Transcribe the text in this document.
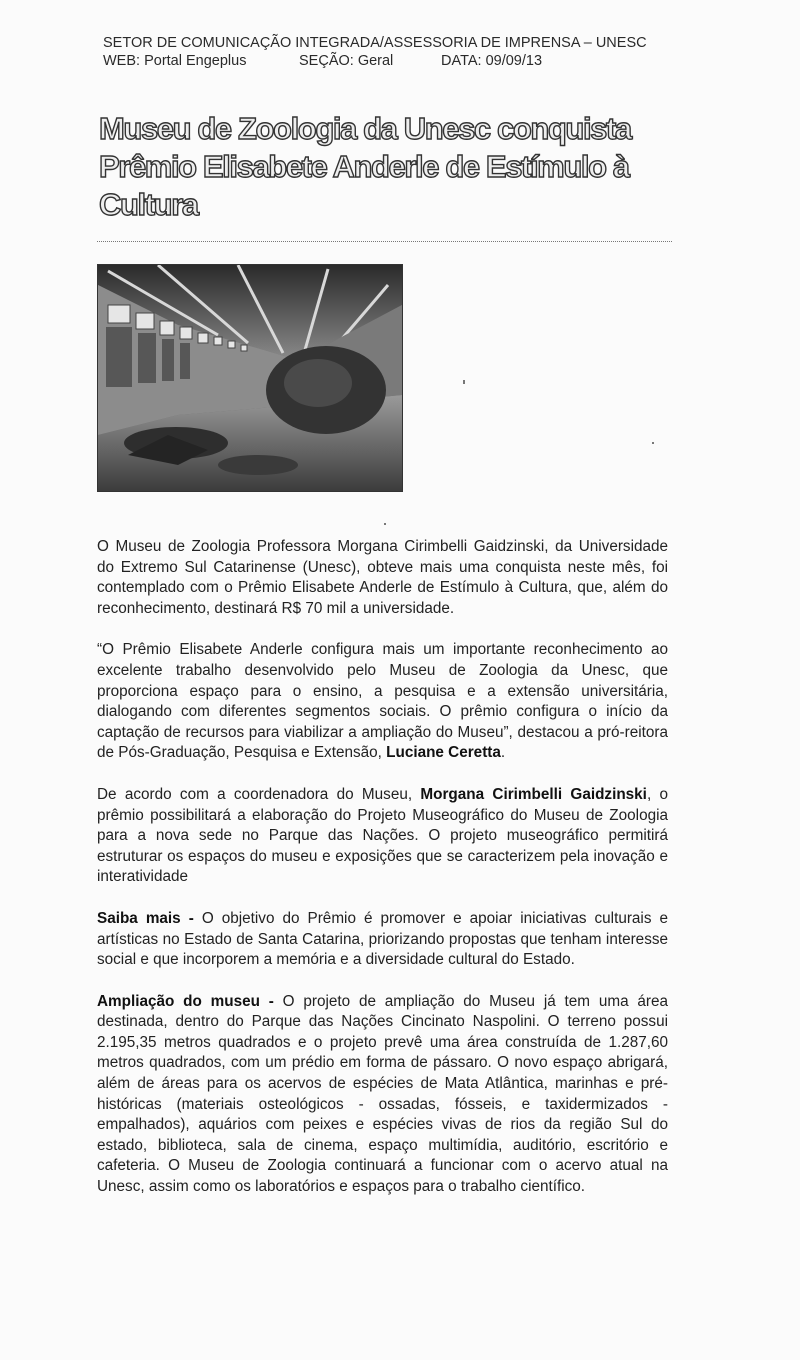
SETOR DE COMUNICAÇÃO INTEGRADA/ASSESSORIA DE IMPRENSA – UNESC
WEB: Portal Engeplus	SEÇÃO: Geral	DATA: 09/09/13
Museu de Zoologia da Unesc conquista Prêmio Elisabete Anderle de Estímulo à Cultura

O Museu de Zoologia Professora Morgana Cirimbelli Gaidzinski, da Universidade do Extremo Sul Catarinense (Unesc), obteve mais uma conquista neste mês, foi contemplado com o Prêmio Elisabete Anderle de Estímulo à Cultura, que, além do reconhecimento, destinará R$ 70 mil a universidade.

“O Prêmio Elisabete Anderle configura mais um importante reconhecimento ao excelente trabalho desenvolvido pelo Museu de Zoologia da Unesc, que proporciona espaço para o ensino, a pesquisa e a extensão universitária, dialogando com diferentes segmentos sociais. O prêmio configura o início da captação de recursos para viabilizar a ampliação do Museu”, destacou a pró-reitora de Pós-Graduação, Pesquisa e Extensão, Luciane Ceretta.

De acordo com a coordenadora do Museu, Morgana Cirimbelli Gaidzinski, o prêmio possibilitará a elaboração do Projeto Museográfico do Museu de Zoologia para a nova sede no Parque das Nações. O projeto museográfico permitirá estruturar os espaços do museu e exposições que se caracterizem pela inovação e interatividade

Saiba mais - O objetivo do Prêmio é promover e apoiar iniciativas culturais e artísticas no Estado de Santa Catarina, priorizando propostas que tenham interesse social e que incorporem a memória e a diversidade cultural do Estado.

Ampliação do museu - O projeto de ampliação do Museu já tem uma área destinada, dentro do Parque das Nações Cincinato Naspolini. O terreno possui 2.195,35 metros quadrados e o projeto prevê uma área construída de 1.287,60 metros quadrados, com um prédio em forma de pássaro. O novo espaço abrigará, além de áreas para os acervos de espécies de Mata Atlântica, marinhas e pré-históricas (materiais osteológicos - ossadas, fósseis, e taxidermizados - empalhados), aquários com peixes e espécies vivas de rios da região Sul do estado, biblioteca, sala de cinema, espaço multimídia, auditório, escritório e cafeteria. O Museu de Zoologia continuará a funcionar com o acervo atual na Unesc, assim como os laboratórios e espaços para o trabalho científico.
